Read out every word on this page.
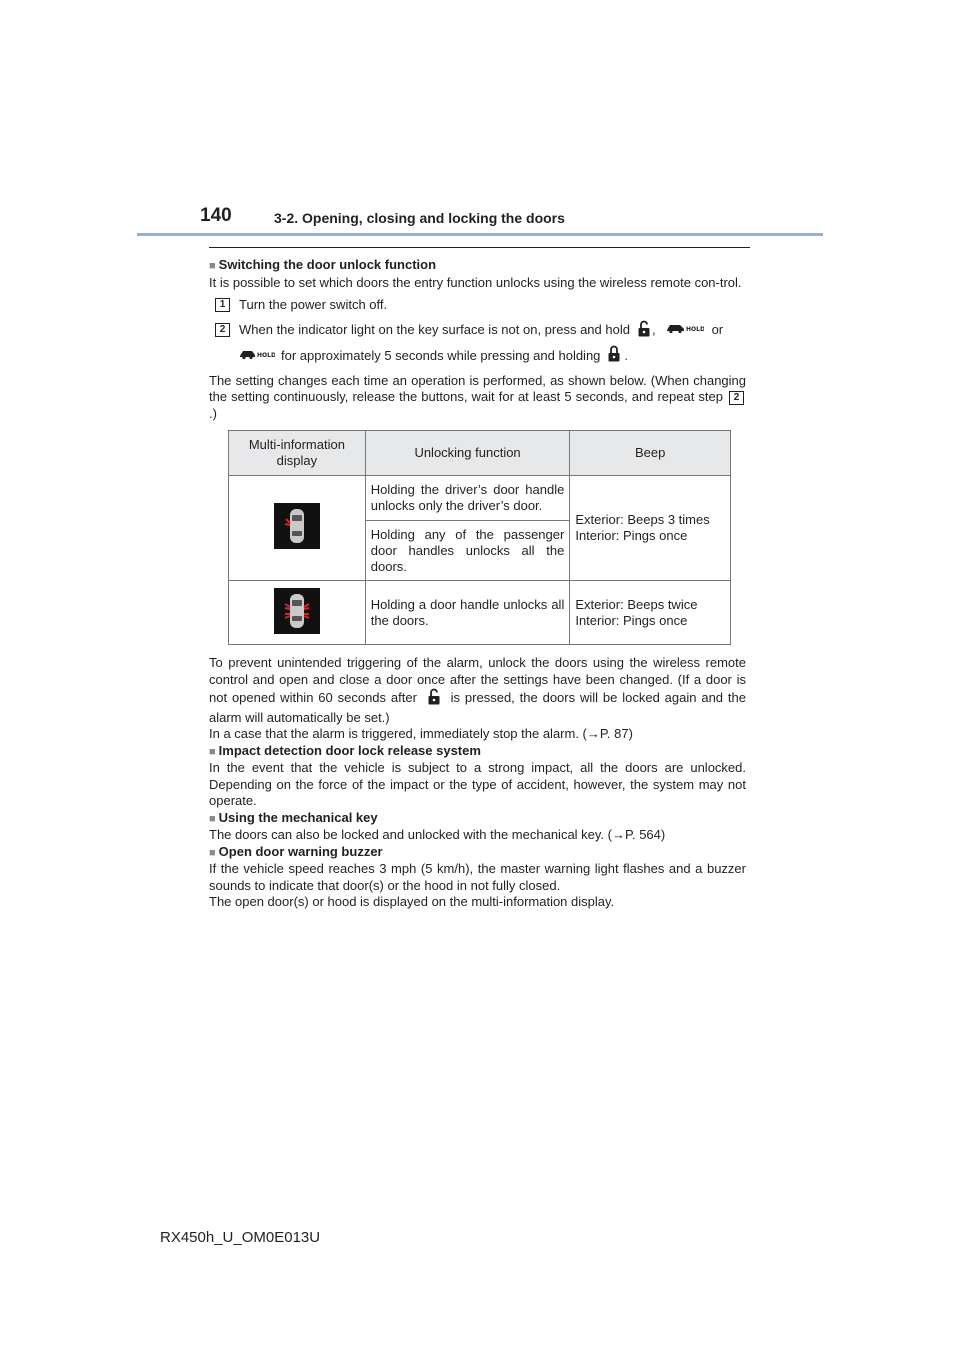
140	3-2. Opening, closing and locking the doors

■ Switching the door unlock function

It is possible to set which doors the entry function unlocks using the wireless remote con-trol.

1	Turn the power switch off.
2	When the indicator light on the key surface is not on, press and hold ,	HOLD or
HOLD for approximately 5 seconds while pressing and holding .

The setting changes each time an operation is performed, as shown below. (When changing the setting continuously, release the buttons, wait for at least 5 seconds, and repeat step 2.)

Multi-information display	Unlocking function	Beep
	Holding the driver’s door handle unlocks only the driver’s door.	Exterior: Beeps 3 times
Interior: Pings once

	Holding any of the passenger door handles unlocks all the doors.	
	Holding a door handle unlocks all the doors.	Exterior: Beeps twice
Interior: Pings once

To prevent unintended triggering of the alarm, unlock the doors using the wireless remote control and open and close a door once after the settings have been changed. (If a door is not opened within 60 seconds after	is pressed, the doors will be locked again and the alarm will automatically be set.)

In a case that the alarm is triggered, immediately stop the alarm. (→P. 87)

■ Impact detection door lock release system

In the event that the vehicle is subject to a strong impact, all the doors are unlocked. Depending on the force of the impact or the type of accident, however, the system may not operate.

■ Using the mechanical key

The doors can also be locked and unlocked with the mechanical key. (→P. 564)

■ Open door warning buzzer

If the vehicle speed reaches 3 mph (5 km/h), the master warning light flashes and a buzzer sounds to indicate that door(s) or the hood in not fully closed.

The open door(s) or hood is displayed on the multi-information display.

RX450h_U_OM0E013U
